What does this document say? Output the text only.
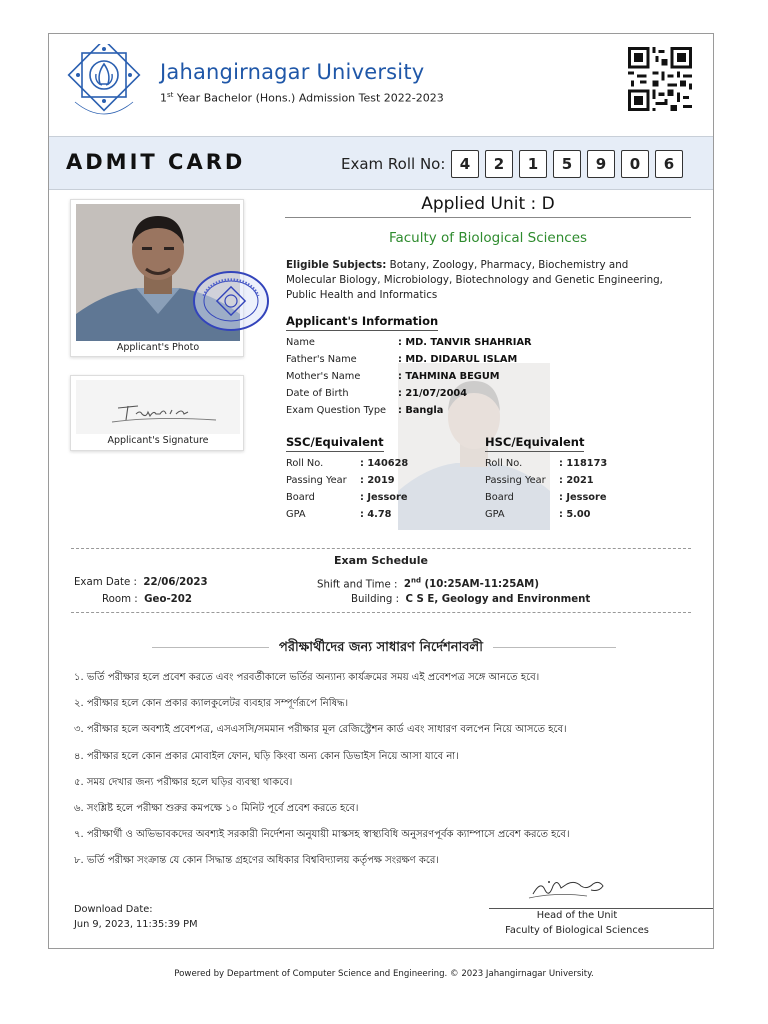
Jahangirnagar University
1st Year Bachelor (Hons.) Admission Test 2022-2023
ADMIT CARD	Exam Roll No: 4	2	1	5	9	0	6
Applicant's Photo
Applicant's Signature
Applied Unit : D
Faculty of Biological Sciences
Eligible Subjects: Botany, Zoology, Pharmacy, Biochemistry and Molecular Biology, Microbiology, Biotechnology and Genetic Engineering, Public Health and Informatics
Applicant's Information
Name	: MD. TANVIR SHAHRIAR
Father's Name	: MD. DIDARUL ISLAM
Mother's Name	: TAHMINA BEGUM
Date of Birth	: 21/07/2004
Exam Question Type	: Bangla
SSC/Equivalent
Roll No.	: 140628
Passing Year	: 2019
Board	: Jessore
GPA	: 4.78
HSC/Equivalent
Roll No.	: 118173
Passing Year	: 2021
Board	: Jessore
GPA	: 5.00
Exam Schedule
Exam Date : 22/06/2023
Room : Geo-202
Shift and Time : 2nd (10:25AM-11:25AM)
Building : C S E, Geology and Environment
পরীক্ষার্থীদের জন্য সাধারণ নির্দেশনাবলী
১. ভর্তি পরীক্ষার হলে প্রবেশ করতে এবং পরবর্তীকালে ভর্তির অন্যান্য কার্যক্রমের সময় এই প্রবেশপত্র সঙ্গে আনতে হবে।
২. পরীক্ষার হলে কোন প্রকার ক্যালকুলেটর ব্যবহার সম্পূর্ণরূপে নিষিদ্ধ।
৩. পরীক্ষার হলে অবশ্যই প্রবেশপত্র, এসএসসি/সমমান পরীক্ষার মূল রেজিস্ট্রেশন কার্ড এবং সাধারণ বলপেন নিয়ে আসতে হবে।
৪. পরীক্ষার হলে কোন প্রকার মোবাইল ফোন, ঘড়ি কিংবা অন্য কোন ডিভাইস নিয়ে আসা যাবে না।
৫. সময় দেখার জন্য পরীক্ষার হলে ঘড়ির ব্যবস্থা থাকবে।
৬. সংশ্লিষ্ট হলে পরীক্ষা শুরুর কমপক্ষে ১০ মিনিট পূর্বে প্রবেশ করতে হবে।
৭. পরীক্ষার্থী ও অভিভাবকদের অবশ্যই সরকারী নির্দেশনা অনুযায়ী মাস্কসহ স্বাস্থ্যবিধি অনুসরণপূর্বক ক্যাম্পাসে প্রবেশ করতে হবে।
৮. ভর্তি পরীক্ষা সংক্রান্ত যে কোন সিদ্ধান্ত গ্রহণের অধিকার বিশ্ববিদ্যালয় কর্তৃপক্ষ সংরক্ষণ করে।
Download Date:
Jun 9, 2023, 11:35:39 PM
Head of the Unit
Faculty of Biological Sciences
Powered by Department of Computer Science and Engineering. © 2023 Jahangirnagar University.
